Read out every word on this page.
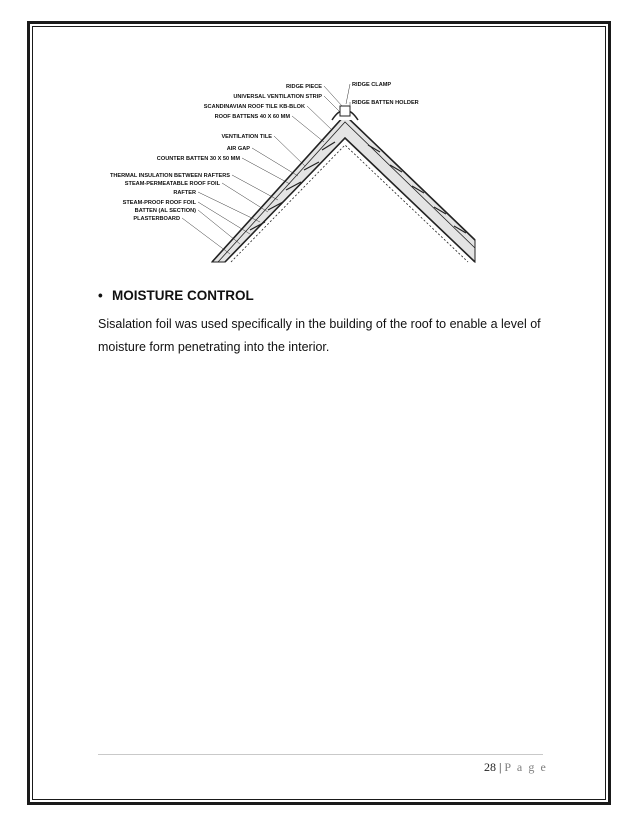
RIDGE PIECE
UNIVERSAL VENTILATION STRIP
SCANDINAVIAN ROOF TILE KB-BLOK
ROOF BATTENS 40 X 60 MM
VENTILATION TILE
AIR GAP
COUNTER BATTEN 30 X 50 MM
THERMAL INSULATION BETWEEN RAFTERS
STEAM-PERMEATABLE ROOF FOIL
RAFTER
STEAM-PROOF ROOF FOIL
BATTEN (AL SECTION)
PLASTERBOARD
RIDGE CLAMP
RIDGE BATTEN HOLDER
• MOISTURE CONTROL
Sisalation foil was used specifically in the building of the roof to enable a level of moisture form penetrating into the interior.
28 | P a g e
